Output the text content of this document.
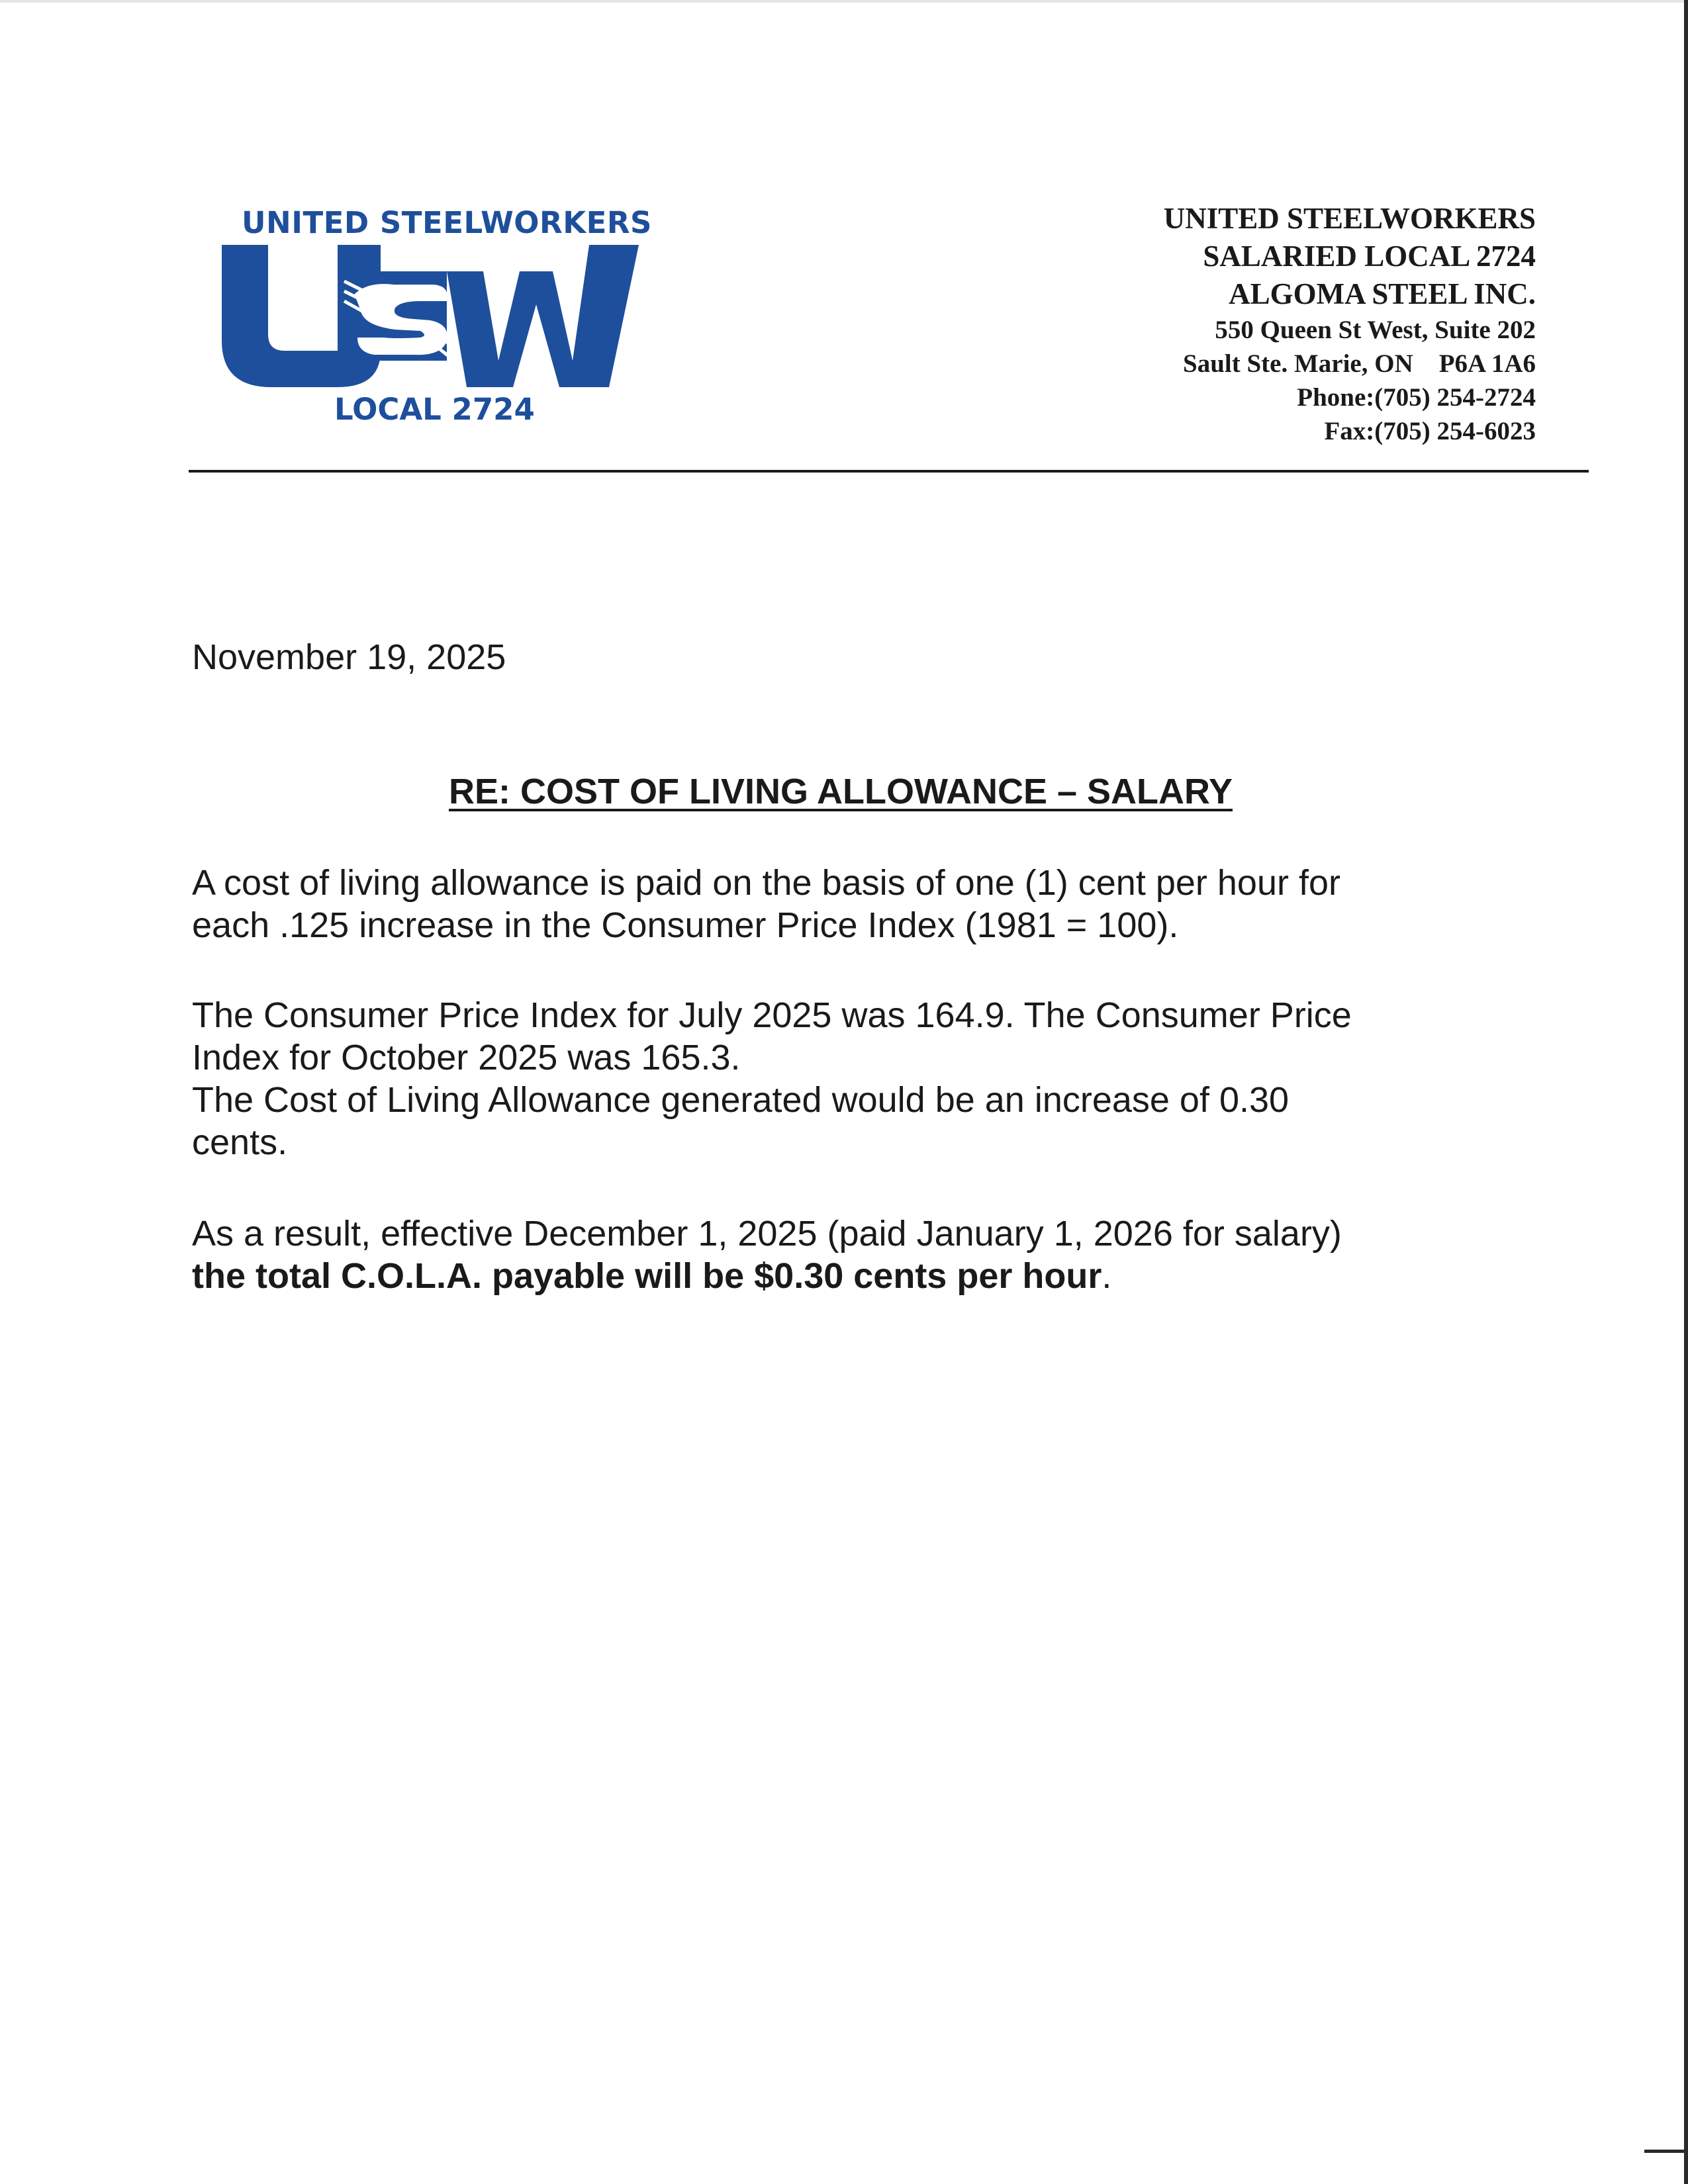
UNITED STEELWORKERS
LOCAL 2724
UNITED STEELWORKERS
SALARIED LOCAL 2724
ALGOMA STEEL INC.
550 Queen St West, Suite 202
Sault Ste. Marie, ON    P6A 1A6
Phone:(705) 254-2724
Fax:(705) 254-6023
November 19, 2025
RE: COST OF LIVING ALLOWANCE – SALARY

A cost of living allowance is paid on the basis of one (1) cent per hour for

each .125 increase in the Consumer Price Index (1981 = 100).

The Consumer Price Index for July 2025 was 164.9. The Consumer Price

Index for October 2025 was 165.3.

The Cost of Living Allowance generated would be an increase of 0.30

cents.

As a result, effective December 1, 2025 (paid January 1, 2026 for salary)

the total C.O.L.A. payable will be $0.30 cents per hour.
